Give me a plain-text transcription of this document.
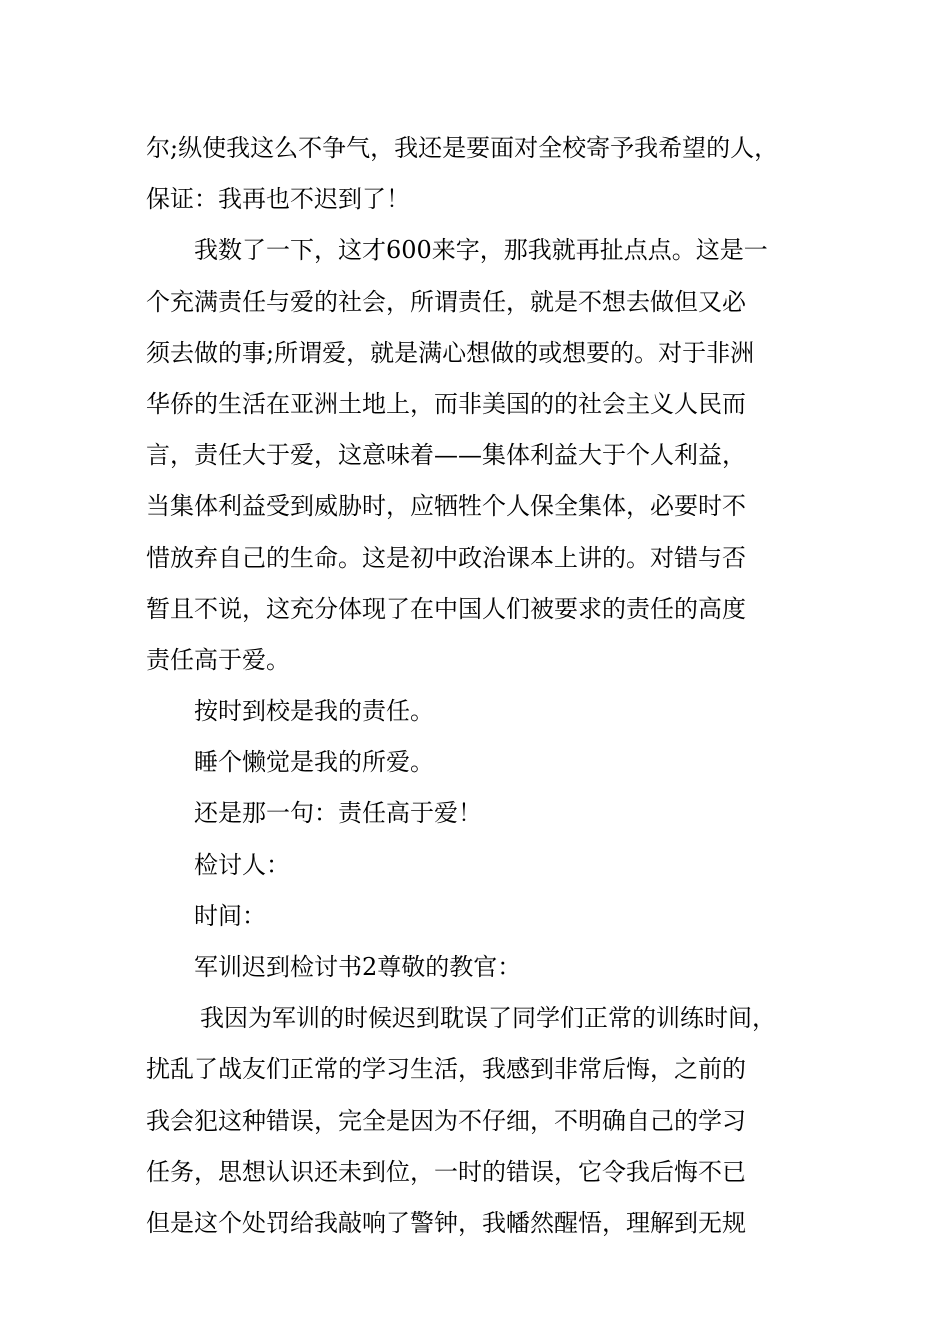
尔;纵使我这么不争气，我还是要面对全校寄予我希望的人，
保证：我再也不迟到了！
我数了一下，这才600来字，那我就再扯点点。这是一
个充满责任与爱的社会，所谓责任，就是不想去做但又必
须去做的事;所谓爱，就是满心想做的或想要的。对于非洲
华侨的生活在亚洲土地上，而非美国的的社会主义人民而
言，责任大于爱，这意味着——集体利益大于个人利益，
当集体利益受到威胁时，应牺牲个人保全集体，必要时不
惜放弃自己的生命。这是初中政治课本上讲的。对错与否
暂且不说，这充分体现了在中国人们被要求的责任的高度
责任高于爱。
按时到校是我的责任。
睡个懒觉是我的所爱。
还是那一句：责任高于爱！
检讨人：
时间：
军训迟到检讨书2尊敬的教官：
我因为军训的时候迟到耽误了同学们正常的训练时间，
扰乱了战友们正常的学习生活，我感到非常后悔，之前的
我会犯这种错误，完全是因为不仔细，不明确自己的学习
任务，思想认识还未到位，一时的错误，它令我后悔不已
但是这个处罚给我敲响了警钟，我幡然醒悟，理解到无规
